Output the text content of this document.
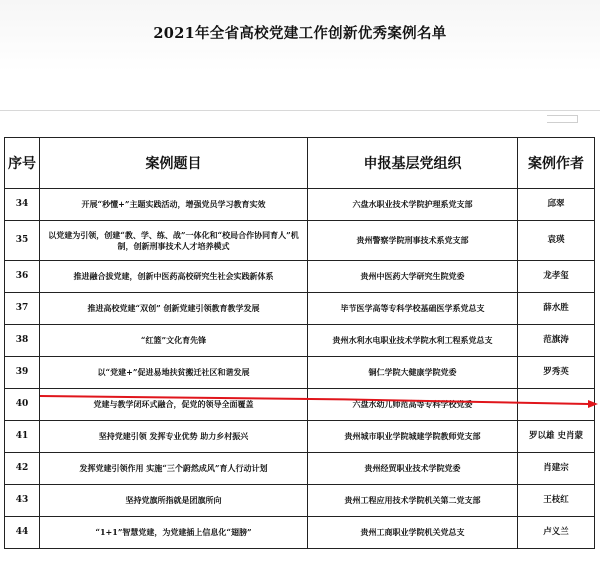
2021年全省高校党建工作创新优秀案例名单
序号	案例题目	申报基层党组织	案例作者
34	开展“秒懂+”主题实践活动，增强党员学习教育实效	六盘水职业技术学院护理系党支部	邱翠
35	以党建为引领，创建“教、学、练、战”一体化和“校局合作协同育人”机制，创新刑事技术人才培养模式	贵州警察学院刑事技术系党支部	袁瑛
36	推进融合拔党建，创新中医药高校研究生社会实践新体系	贵州中医药大学研究生院党委	龙孝玺
37	推进高校党建“双创” 创新党建引领教育教学发展	毕节医学高等专科学校基础医学系党总支	薛水胜
38	“红篮”文化育先锋	贵州水利水电职业技术学院水利工程系党总支	范旗涛
39	以“党建+”促进易地扶贫搬迁社区和谐发展	铜仁学院大健康学院党委	罗秀英
40	党建与教学闭环式融合，促党的领导全面覆盖	六盘水幼儿师范高等专科学校党委	——
41	坚持党建引领 发挥专业优势 助力乡村振兴	贵州城市职业学院城建学院教师党支部	罗以雄 史肖蒙
42	发挥党建引领作用 实施“三个蔚然成风”育人行动计划	贵州经贸职业技术学院党委	肖建宗
43	坚持党旗所指就是团旗所向	贵州工程应用技术学院机关第二党支部	王枝红
44	“1+1”智慧党建，为党建插上信息化“翅膀”	贵州工商职业学院机关党总支	卢义兰
